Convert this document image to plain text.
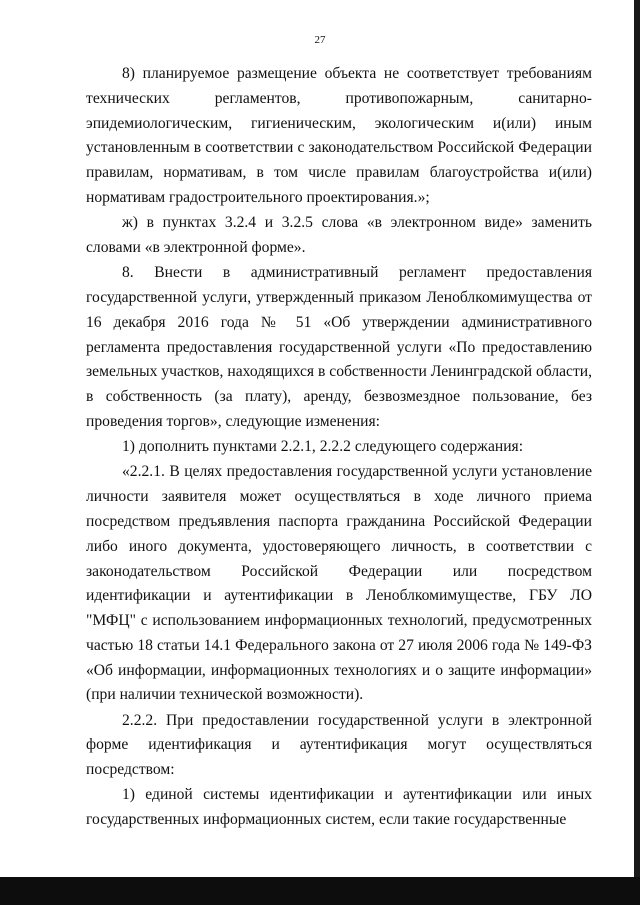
27

8) планируемое размещение объекта не соответствует требованиям технических регламентов, противопожарным, санитарно-эпидемиологическим, гигиеническим, экологическим и(или) иным установленным в соответствии с законодательством Российской Федерации правилам, нормативам, в том числе правилам благоустройства и(или) нормативам градостроительного проектирования.»;

ж) в пунктах 3.2.4 и 3.2.5 слова «в электронном виде» заменить словами «в электронной форме».

8. Внести в административный регламент предоставления государственной услуги, утвержденный приказом Леноблкомимущества от 16 декабря 2016 года № 51 «Об утверждении административного регламента предоставления государственной услуги «По предоставлению земельных участков, находящихся в собственности Ленинградской области, в собственность (за плату), аренду, безвозмездное пользование, без проведения торгов», следующие изменения:

1) дополнить пунктами 2.2.1, 2.2.2 следующего содержания:

«2.2.1. В целях предоставления государственной услуги установление личности заявителя может осуществляться в ходе личного приема посредством предъявления паспорта гражданина Российской Федерации либо иного документа, удостоверяющего личность, в соответствии с законодательством Российской Федерации или посредством идентификации и аутентификации в Леноблкомимуществе, ГБУ ЛО "МФЦ" с использованием информационных технологий, предусмотренных частью 18 статьи 14.1 Федерального закона от 27 июля 2006 года № 149-ФЗ «Об информации, информационных технологиях и о защите информации» (при наличии технической возможности).

2.2.2. При предоставлении государственной услуги в электронной форме идентификация и аутентификация могут осуществляться посредством:

1) единой системы идентификации и аутентификации или иных государственных информационных систем, если такие государственные
